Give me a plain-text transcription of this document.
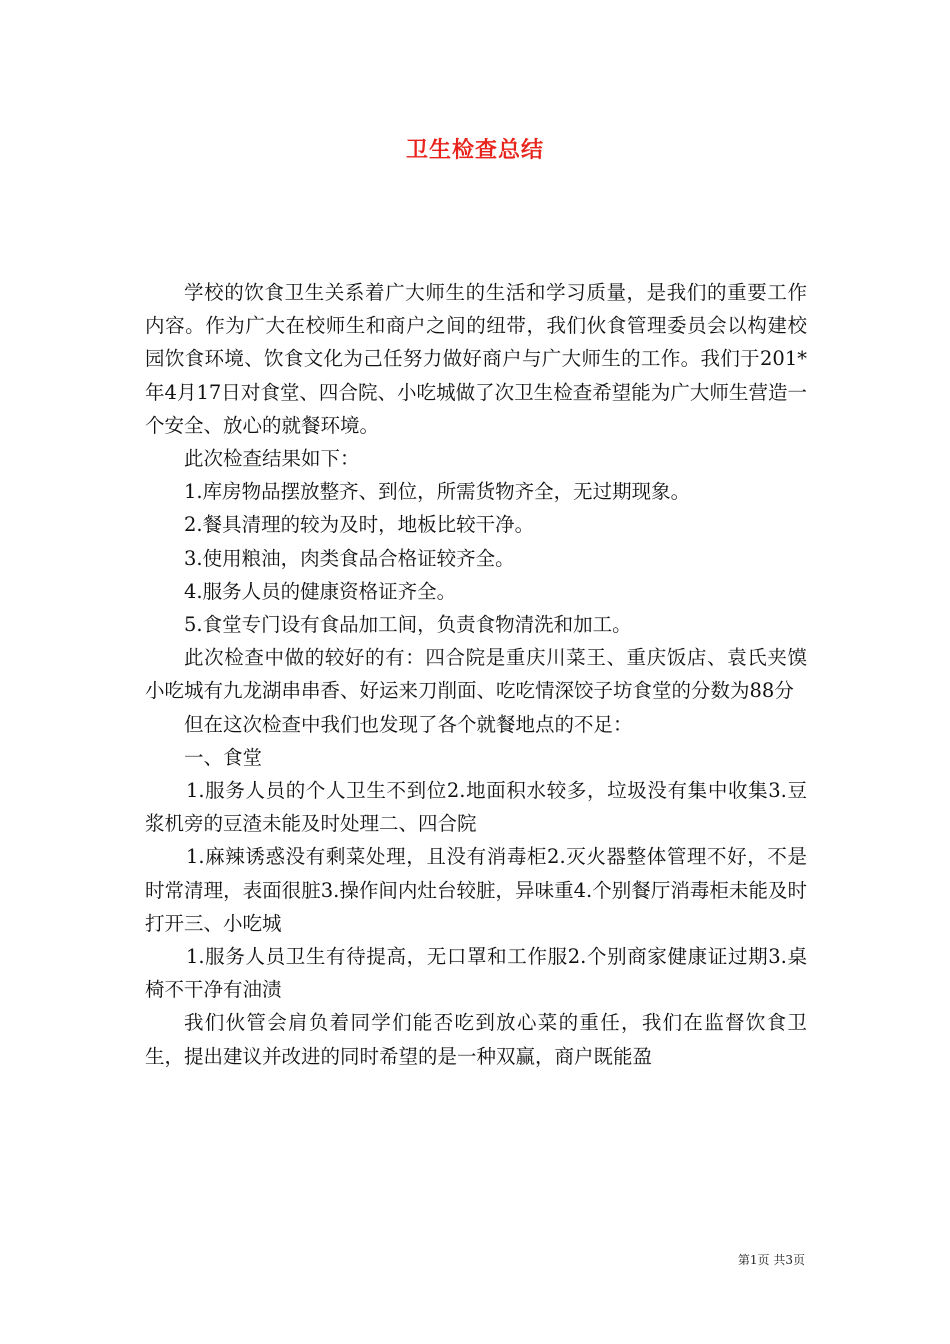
卫生检查总结

学校的饮食卫生关系着广大师生的生活和学习质量，是我们的重要工作内容。作为广大在校师生和商户之间的纽带，我们伙食管理委员会以构建校园饮食环境、饮食文化为己任努力做好商户与广大师生的工作。我们于201*年4月17日对食堂、四合院、小吃城做了次卫生检查希望能为广大师生营造一个安全、放心的就餐环境。

此次检查结果如下：

1.库房物品摆放整齐、到位，所需货物齐全，无过期现象。

2.餐具清理的较为及时，地板比较干净。

3.使用粮油，肉类食品合格证较齐全。

4.服务人员的健康资格证齐全。

5.食堂专门设有食品加工间，负责食物清洗和加工。

此次检查中做的较好的有：四合院是重庆川菜王、重庆饭店、袁氏夹馍小吃城有九龙湖串串香、好运来刀削面、吃吃情深饺子坊食堂的分数为88分

但在这次检查中我们也发现了各个就餐地点的不足：

一、食堂

1.服务人员的个人卫生不到位2.地面积水较多，垃圾没有集中收集3.豆浆机旁的豆渣未能及时处理二、四合院

1.麻辣诱惑没有剩菜处理，且没有消毒柜2.灭火器整体管理不好，不是时常清理，表面很脏3.操作间内灶台较脏，异味重4.个别餐厅消毒柜未能及时打开三、小吃城

1.服务人员卫生有待提高，无口罩和工作服2.个别商家健康证过期3.桌椅不干净有油渍

我们伙管会肩负着同学们能否吃到放心菜的重任，我们在监督饮食卫生，提出建议并改进的同时希望的是一种双赢，商户既能盈

第1页 共3页
